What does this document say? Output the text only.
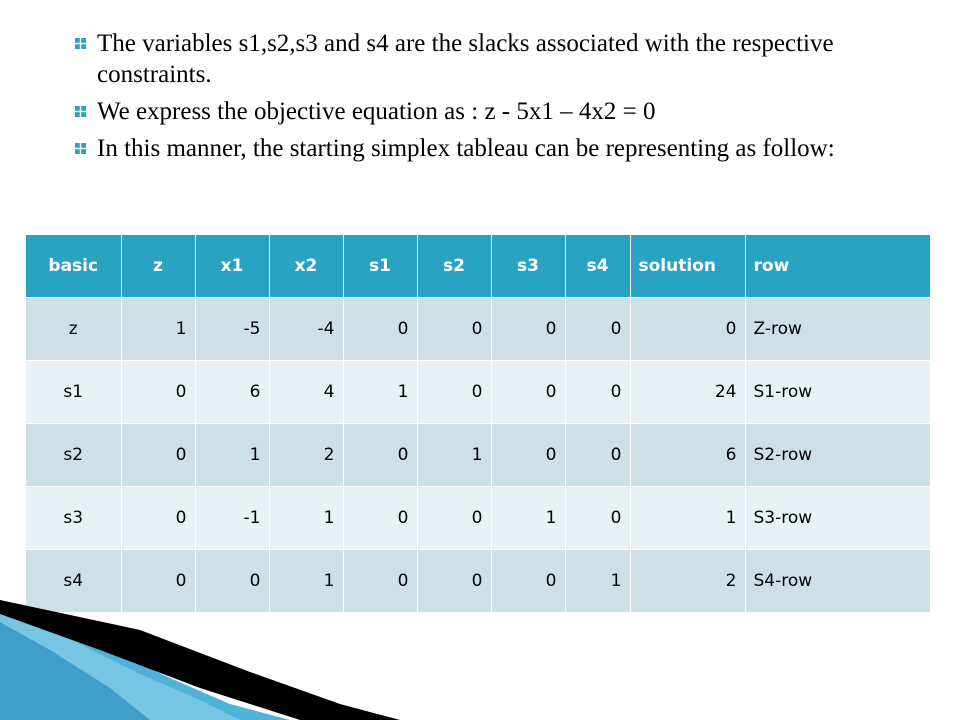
The variables s1,s2,s3 and s4 are the slacks associated with the respective constraints.
We express the objective equation as : z - 5x1 – 4x2 = 0
In this manner, the starting simplex tableau can be representing as follow:
basic	z	x1	x2	s1	s2	s3	s4	solution	row
z	1	-5	-4	0	0	0	0	0	Z-row
s1	0	6	4	1	0	0	0	24	S1-row
s2	0	1	2	0	1	0	0	6	S2-row
s3	0	-1	1	0	0	1	0	1	S3-row
s4	0	0	1	0	0	0	1	2	S4-row
